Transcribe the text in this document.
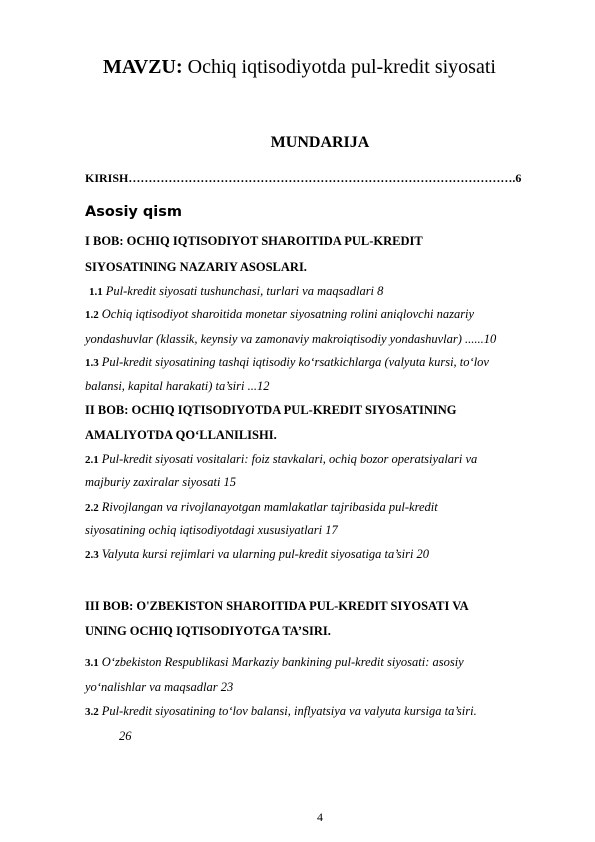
MAVZU: Ochiq iqtisodiyotda pul-kredit siyosati
MUNDARIJA
KIRISH…………………………………………………………………………………….6
Asosiy qism
I BOB: OCHIQ IQTISODIYOT SHAROITIDA PUL-KREDIT
SIYOSATINING NAZARIY ASOSLARI.
1.1 Pul-kredit siyosati tushunchasi, turlari va maqsadlari 8
1.2 Ochiq iqtisodiyot sharoitida monetar siyosatning rolini aniqlovchi nazariy
yondashuvlar (klassik, keynsiy va zamonaviy makroiqtisodiy yondashuvlar) ......10
1.3 Pul-kredit siyosatining tashqi iqtisodiy ko‘rsatkichlarga (valyuta kursi, to‘lov
balansi, kapital harakati) ta’siri ...12
II BOB: OCHIQ IQTISODIYOTDA PUL-KREDIT SIYOSATINING
AMALIYOTDA QO‘LLANILISHI.
2.1 Pul-kredit siyosati vositalari: foiz stavkalari, ochiq bozor operatsiyalari va
majburiy zaxiralar siyosati 15
2.2 Rivojlangan va rivojlanayotgan mamlakatlar tajribasida pul-kredit
siyosatining ochiq iqtisodiyotdagi xususiyatlari 17
2.3 Valyuta kursi rejimlari va ularning pul-kredit siyosatiga ta’siri 20
III BOB: O'ZBEKISTON SHAROITIDA PUL-KREDIT SIYOSATI VA
UNING OCHIQ IQTISODIYOTGA TA’SIRI.
3.1 O‘zbekiston Respublikasi Markaziy bankining pul-kredit siyosati: asosiy
yo‘nalishlar va maqsadlar 23
3.2 Pul-kredit siyosatining to‘lov balansi, inflyatsiya va valyuta kursiga ta’siri.
26
4
